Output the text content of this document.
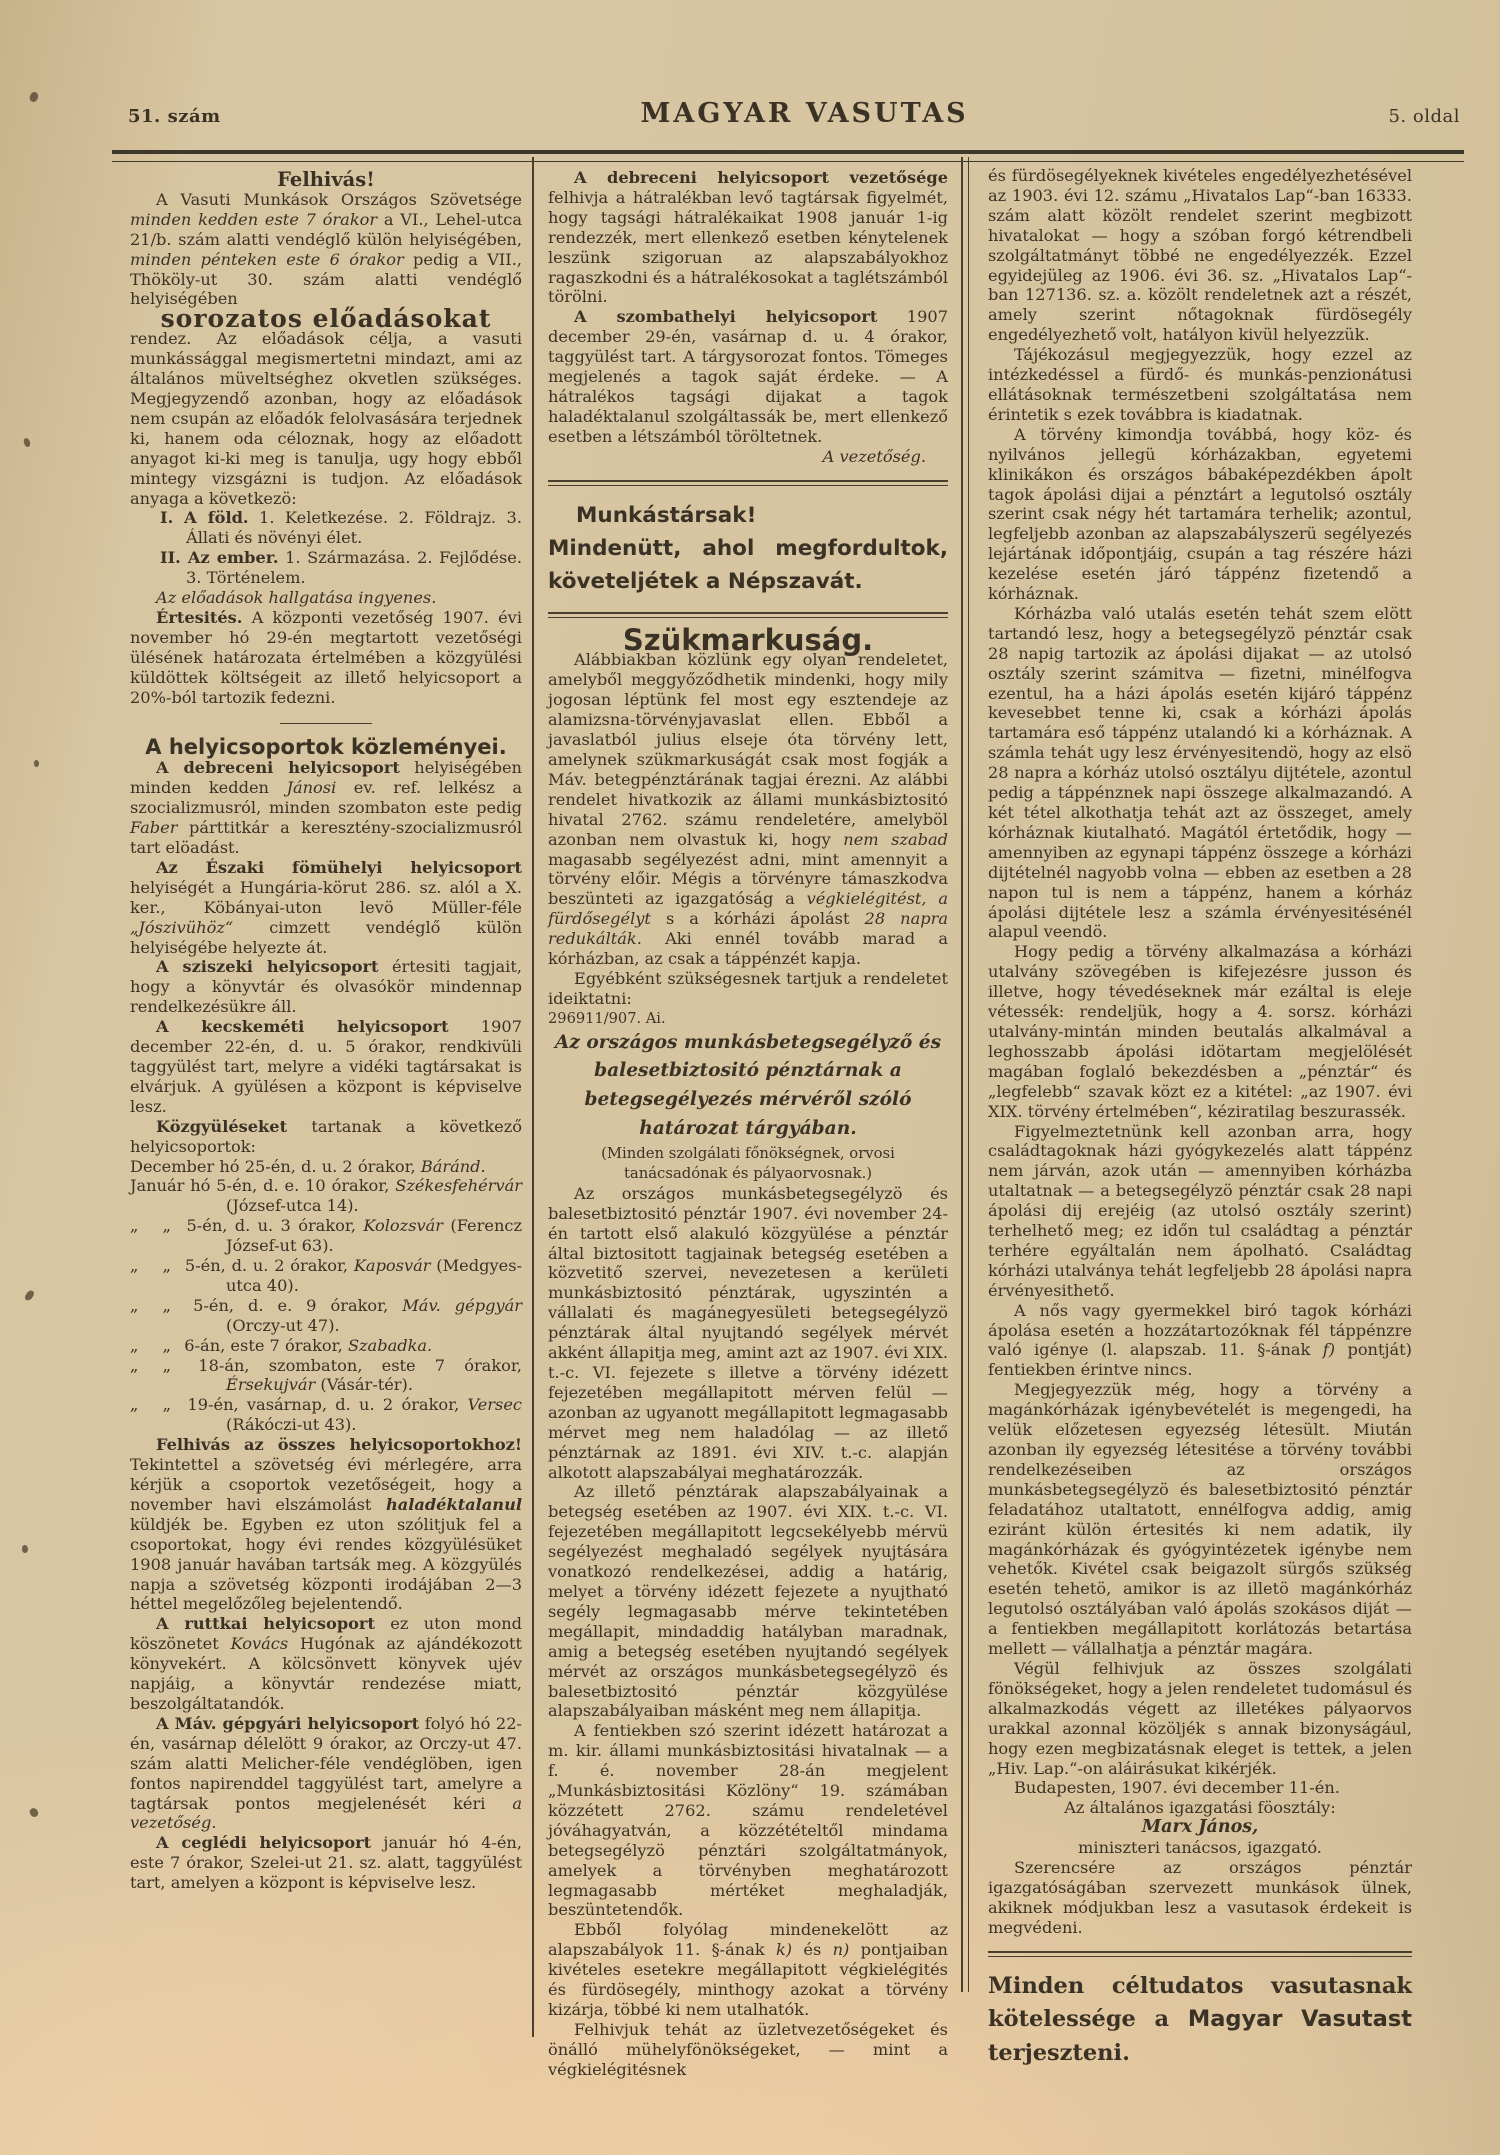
51. szám	MAGYAR VASUTAS	5. oldal

Felhivás!

A Vasuti Munkások Országos Szövetsége minden kedden este 7 órakor a VI., Lehel-utca 21/b. szám alatti vendéglő külön helyiségében, minden pénteken este 6 órakor pedig a VII., Thököly-ut 30. szám alatti vendéglő helyiségében

sorozatos előadásokat

rendez. Az előadások célja, a vasuti munkássággal megismertetni mindazt, ami az általános müveltséghez okvetlen szükséges. Megjegyzendő azonban, hogy az előadások nem csupán az előadók felolvasására terjednek ki, hanem oda céloznak, hogy az előadott anyagot ki-ki meg is tanulja, ugy hogy ebből mintegy vizsgázni is tudjon. Az előadások anyaga a következö:

I. A föld. 1. Keletkezése. 2. Földrajz. 3. Állati és növényi élet.

II. Az ember. 1. Származása. 2. Fejlődése. 3. Történelem.

Az előadások hallgatása ingyenes.

Értesités. A központi vezetőség 1907. évi november hó 29-én megtartott vezetőségi ülésének határozata értelmében a közgyülési küldöttek költségeit az illető helyicsoport a 20%-ból tartozik fedezni.

A helyicsoportok közleményei.

A debreceni helyicsoport helyiségében minden kedden Jánosi ev. ref. lelkész a szocializmusról, minden szombaton este pedig Faber párttitkár a keresztény-szocializmusról tart elöadást.

Az Északi fömühelyi helyicsoport helyiségét a Hungária-körut 286. sz. alól a X. ker., Köbányai-uton levö Müller-féle „Jószivühöz“ cimzett vendéglő külön helyiségébe helyezte át.

A sziszeki helyicsoport értesiti tagjait, hogy a könyvtár és olvasókör mindennap rendelkezésükre áll.

A kecskeméti helyicsoport 1907 december 22-én, d. u. 5 órakor, rendkivüli taggyülést tart, melyre a vidéki tagtársakat is elvárjuk. A gyülésen a központ is képviselve lesz.

Közgyüléseket tartanak a következő helyicsoportok:

December hó 25-én, d. u. 2 órakor, Báránd.

Január hó 5-én, d. e. 10 órakor, Székesfehérvár (József-utca 14).

„  „  5-én, d. u. 3 órakor, Kolozsvár (Ferencz József-ut 63).

„  „  5-én, d. u. 2 órakor, Kaposvár (Medgyes-utca 40).

„  „  5-én, d. e. 9 órakor, Máv. gépgyár (Orczy-ut 47).

„  „  6-án, este 7 órakor, Szabadka.

„  „  18-án, szombaton, este 7 órakor, Érsekujvár (Vásár-tér).

„  „  19-én, vasárnap, d. u. 2 órakor, Versec (Rákóczi-ut 43).

Felhivás az összes helyicsoportokhoz! Tekintettel a szövetség évi mérlegére, arra kérjük a csoportok vezetőségeit, hogy a november havi elszámolást haladéktalanul küldjék be. Egyben ez uton szólitjuk fel a csoportokat, hogy évi rendes közgyülésüket 1908 január havában tartsák meg. A közgyülés napja a szövetség központi irodájában 2—3 héttel megelőzőleg bejelentendő.

A ruttkai helyicsoport ez uton mond köszönetet Kovács Hugónak az ajándékozott könyvekért. A kölcsönvett könyvek ujév napjáig, a könyvtár rendezése miatt, beszolgáltatandók.

A Máv. gépgyári helyicsoport folyó hó 22-én, vasárnap délelött 9 órakor, az Orczy-ut 47. szám alatti Melicher-féle vendéglöben, igen fontos napirenddel taggyülést tart, amelyre a tagtársak pontos megjelenését kéri a vezetőség.

A ceglédi helyicsoport január hó 4-én, este 7 órakor, Szelei-ut 21. sz. alatt, taggyülést tart, amelyen a központ is képviselve lesz.

A debreceni helyicsoport vezetősége felhivja a hátralékban levő tagtársak figyelmét, hogy tagsági hátralékaikat 1908 január 1-ig rendezzék, mert ellenkező esetben kénytelenek leszünk szigoruan az alapszabályokhoz ragaszkodni és a hátralékosokat a taglétszámból törölni.

A szombathelyi helyicsoport 1907 december 29-én, vasárnap d. u. 4 órakor, taggyülést tart. A tárgysorozat fontos. Tömeges megjelenés a tagok saját érdeke. — A hátralékos tagsági dijakat a tagok haladéktalanul szolgáltassák be, mert ellenkező esetben a létszámból töröltetnek.

A vezetőség.

Munkástársak!

Mindenütt, ahol megfordultok,

követeljétek a Népszavát.

Szükmarkuság.

Alábbiakban közlünk egy olyan rendeletet, amelyből meggyőződhetik mindenki, hogy mily jogosan léptünk fel most egy esztendeje az alamizsna-törvényjavaslat ellen. Ebből a javaslatból julius elseje óta törvény lett, amelynek szükmarkuságát csak most fogják a Máv. betegpénztárának tagjai érezni. Az alábbi rendelet hivatkozik az állami munkásbiztositó hivatal 2762. számu rendeletére, amelyböl azonban nem olvastuk ki, hogy nem szabad magasabb segélyezést adni, mint amennyit a törvény előir. Mégis a törvényre támaszkodva beszünteti az igazgatóság a végkielégitést, a fürdősegélyt s a kórházi ápolást 28 napra redukálták. Aki ennél tovább marad a kórházban, az csak a táppénzét kapja.

Egyébként szükségesnek tartjuk a rendeletet ideiktatni:

296911/907. Ai.

Az országos munkásbetegsegélyző és balesetbiztositó pénztárnak a betegsegélyezés mérvéről szóló határozat tárgyában.

(Minden szolgálati főnökségnek, orvosi tanácsadónak és pályaorvosnak.)

Az országos munkásbetegsegélyzö és balesetbiztositó pénztár 1907. évi november 24-én tartott első alakuló közgyülése a pénztár által biztositott tagjainak betegség esetében a közvetitő szervei, nevezetesen a kerületi munkásbiztositó pénztárak, ugyszintén a vállalati és magánegyesületi betegsegélyzö pénztárak által nyujtandó segélyek mérvét akként állapitja meg, amint azt az 1907. évi XIX. t.-c. VI. fejezete s illetve a törvény idézett fejezetében megállapitott mérven felül — azonban az ugyanott megállapitott legmagasabb mérvet meg nem haladólag — az illető pénztárnak az 1891. évi XIV. t.-c. alapján alkotott alapszabályai meghatározzák.

Az illető pénztárak alapszabályainak a betegség esetében az 1907. évi XIX. t.-c. VI. fejezetében megállapitott legcsekélyebb mérvü segélyezést meghaladó segélyek nyujtására vonatkozó rendelkezései, addig a határig, melyet a törvény idézett fejezete a nyujtható segély legmagasabb mérve tekintetében megállapit, mindaddig hatályban maradnak, amig a betegség esetében nyujtandó segélyek mérvét az országos munkásbetegsegélyzö és balesetbiztositó pénztár közgyülése alapszabályaiban másként meg nem állapitja.

A fentiekben szó szerint idézett határozat a m. kir. állami munkásbiztositási hivatalnak — a f. é. november 28-án megjelent „Munkásbiztositási Közlöny“ 19. számában közzétett 2762. számu rendeletével jóváhagyatván, a közzétételtől mindama betegsegélyzö pénztári szolgáltatmányok, amelyek a törvényben meghatározott legmagasabb mértéket meghaladják, beszüntetendők.

Ebből folyólag mindenekelött az alapszabályok 11. §-ának k) és n) pontjaiban kivételes esetekre megállapitott végkielégités és fürdösegély, minthogy azokat a törvény kizárja, többé ki nem utalhatók.

Felhivjuk tehát az üzletvezetőségeket és önálló mühelyfönökségeket, — mint a végkielégitésnek

és fürdösegélyeknek kivételes engedélyezhetésével az 1903. évi 12. számu „Hivatalos Lap“-ban 16333. szám alatt közölt rendelet szerint megbizott hivatalokat — hogy a szóban forgó kétrendbeli szolgáltatmányt többé ne engedélyezzék. Ezzel egyidejüleg az 1906. évi 36. sz. „Hivatalos Lap“-ban 127136. sz. a. közölt rendeletnek azt a részét, amely szerint nőtagoknak fürdösegély engedélyezhető volt, hatályon kivül helyezzük.

Tájékozásul megjegyezzük, hogy ezzel az intézkedéssel a fürdő- és munkás-penzionátusi ellátásoknak természetbeni szolgáltatása nem érintetik s ezek továbbra is kiadatnak.

A törvény kimondja továbbá, hogy köz- és nyilvános jellegü kórházakban, egyetemi klinikákon és országos bábaképezdékben ápolt tagok ápolási dijai a pénztárt a legutolsó osztály szerint csak négy hét tartamára terhelik; azontul, legfeljebb azonban az alapszabályszerü segélyezés lejártának időpontjáig, csupán a tag részére házi kezelése esetén járó táppénz fizetendő a kórháznak.

Kórházba való utalás esetén tehát szem elött tartandó lesz, hogy a betegsegélyzö pénztár csak 28 napig tartozik az ápolási dijakat — az utolsó osztály szerint számitva — fizetni, minélfogva ezentul, ha a házi ápolás esetén kijáró táppénz kevesebbet tenne ki, csak a kórházi ápolás tartamára eső táppénz utalandó ki a kórháznak. A számla tehát ugy lesz érvényesitendö, hogy az elsö 28 napra a kórház utolsó osztályu dijtétele, azontul pedig a táppénznek napi összege alkalmazandó. A két tétel alkothatja tehát azt az összeget, amely kórháznak kiutalható. Magától értetődik, hogy — amennyiben az egynapi táppénz összege a kórházi dijtételnél nagyobb volna — ebben az esetben a 28 napon tul is nem a táppénz, hanem a kórház ápolási dijtétele lesz a számla érvényesitésénél alapul veendö.

Hogy pedig a törvény alkalmazása a kórházi utalvány szövegében is kifejezésre jusson és illetve, hogy tévedéseknek már ezáltal is eleje vétessék: rendeljük, hogy a 4. sorsz. kórházi utalvány-mintán minden beutalás alkalmával a leghosszabb ápolási idötartam megjelölését magában foglaló bekezdésben a „pénztár“ és „legfelebb“ szavak közt ez a kitétel: „az 1907. évi XIX. törvény értelmében“, kéziratilag beszurassék.

Figyelmeztetnünk kell azonban arra, hogy családtagoknak házi gyógykezelés alatt táppénz nem járván, azok után — amennyiben kórházba utaltatnak — a betegsegélyzö pénztár csak 28 napi ápolási dij erejéig (az utolsó osztály szerint) terhelhető meg; ez időn tul családtag a pénztár terhére egyáltalán nem ápolható. Családtag kórházi utalványa tehát legfeljebb 28 ápolási napra érvényesithető.

A nős vagy gyermekkel biró tagok kórházi ápolása esetén a hozzátartozóknak fél táppénzre való igénye (l. alapszab. 11. §-ának f) pontját) fentiekben érintve nincs.

Megjegyezzük még, hogy a törvény a magánkórházak igénybevételét is megengedi, ha velük előzetesen egyezség létesült. Miután azonban ily egyezség létesitése a törvény további rendelkezéseiben az országos munkásbetegsegélyzö és balesetbiztositó pénztár feladatához utaltatott, ennélfogva addig, amig eziránt külön értesités ki nem adatik, ily magánkórházak és gyógyintézetek igénybe nem vehetők. Kivétel csak beigazolt sürgős szükség esetén tehetö, amikor is az illetö magánkórház legutolsó osztályában való ápolás szokásos diját — a fentiekben megállapitott korlátozás betartása mellett — vállalhatja a pénztár magára.

Végül felhivjuk az összes szolgálati fönökségeket, hogy a jelen rendeletet tudomásul és alkalmazkodás végett az illetékes pályaorvos urakkal azonnal közöljék s annak bizonyságául, hogy ezen megbizatásnak eleget is tettek, a jelen „Hiv. Lap.“-on aláirásukat kikérjék.

Budapesten, 1907. évi december 11-én.

Az általános igazgatási föosztály:

Marx János,

miniszteri tanácsos, igazgató.

Szerencsére az országos pénztár igazgatóságában szervezett munkások ülnek, akiknek módjukban lesz a vasutasok érdekeit is megvédeni.

Minden céltudatos vasutasnak kötelessége a Magyar Vasutast terjeszteni.
